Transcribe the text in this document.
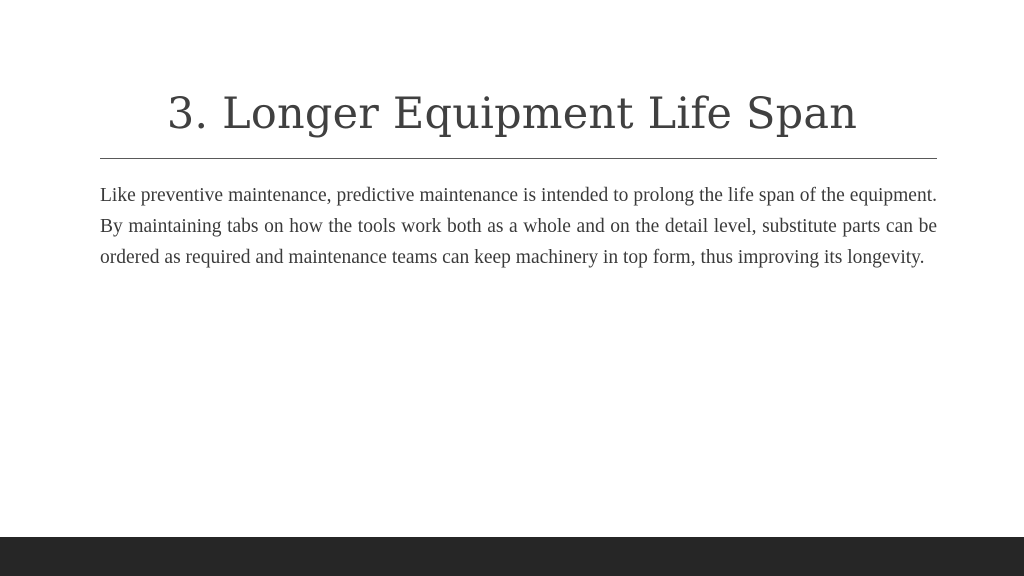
3. Longer Equipment Life Span

Like preventive maintenance, predictive maintenance is intended to prolong the life span of the equipment. By maintaining tabs on how the tools work both as a whole and on the detail level, substitute parts can be ordered as required and maintenance teams can keep machinery in top form, thus improving its longevity.
